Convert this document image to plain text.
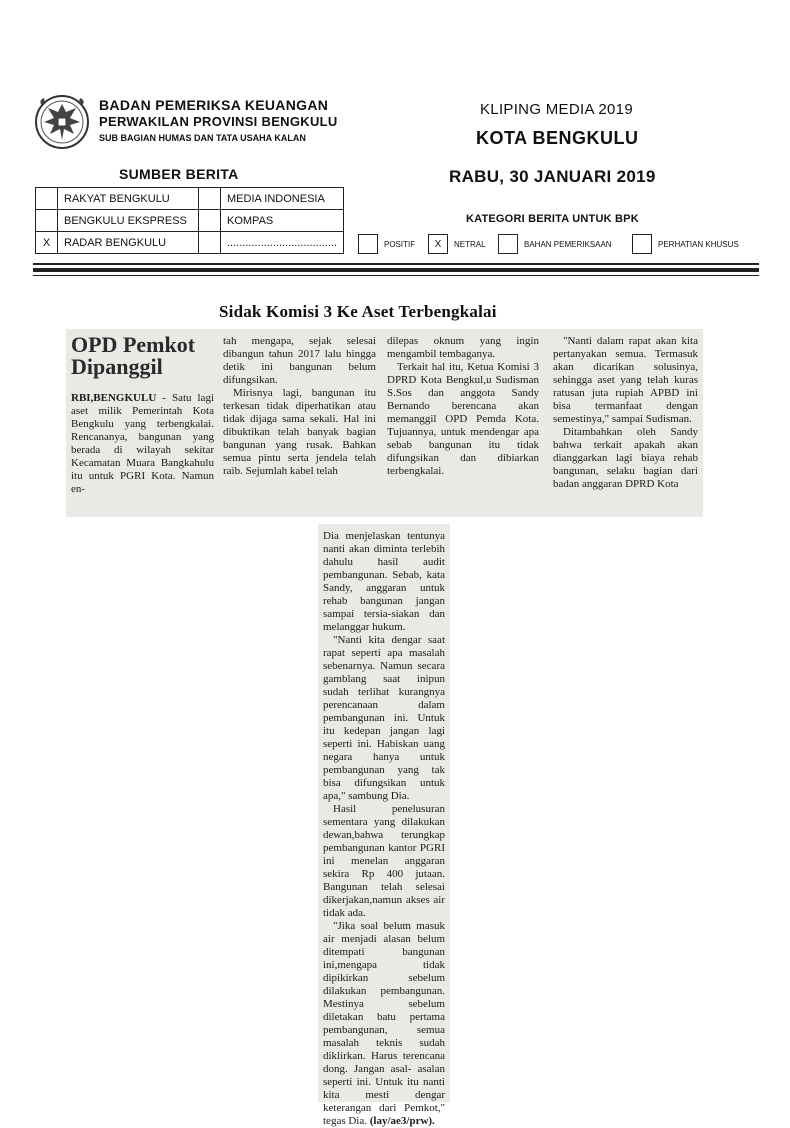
BADAN PEMERIKSA KEUANGAN
PERWAKILAN PROVINSI BENGKULU
SUB BAGIAN HUMAS DAN TATA USAHA KALAN
KLIPING MEDIA 2019
KOTA BENGKULU
SUMBER BERITA	RABU, 30 JANUARI 2019
	RAKYAT BENGKULU		MEDIA INDONESIA
	BENGKULU EKSPRESS		KOMPAS
X	RADAR BENGKULU		....................................
KATEGORI BERITA UNTUK BPK
POSITIF	X	NETRAL	BAHAN PEMERIKSAAN	PERHATIAN KHUSUS
Sidak Komisi 3 Ke Aset Terbengkalai
OPD Pemkot
Dipanggil

RBI,BENGKULU - Satu lagi aset milik Pemerintah Kota Bengkulu yang terbengkalai. Rencananya, bangunan yang berada di wilayah sekitar Kecamatan Muara Bangkahulu itu untuk PGRI Kota. Namun en-

tah mengapa, sejak selesai dibangun tahun 2017 lalu hingga detik ini bangunan belum difungsikan.

Mirisnya lagi, bangunan itu terkesan tidak diperhatikan atau tidak dijaga sama sekali. Hal ini dibuktikan telah banyak bagian bangunan yang rusak. Bahkan semua pintu serta jendela telah raib. Sejumlah kabel telah

dilepas oknum yang ingin mengambil tembaganya.

Terkait hal itu, Ketua Komisi 3 DPRD Kota Bengkul,u Sudisman S.Sos dan anggota Sandy Bernando berencana akan memanggil OPD Pemda Kota. Tujuannya, untuk mendengar apa sebab bangunan itu tidak difungsikan dan dibiarkan terbengkalai.

"Nanti dalam rapat akan kita pertanyakan semua. Termasuk akan dicarikan solusinya, sehingga aset yang telah kuras ratusan juta rupiah APBD ini bisa termanfaat dengan semestinya," sampai Sudisman.

Ditambahkan oleh Sandy bahwa terkait apakah akan dianggarkan lagi biaya rehab bangunan, selaku bagian dari badan anggaran DPRD Kota

Dia menjelaskan tentunya nanti akan diminta terlebih dahulu hasil audit pembangunan. Sebab, kata Sandy, anggaran untuk rehab bangunan jangan sampai tersia-siakan dan melanggar hukum.

"Nanti kita dengar saat rapat seperti apa masalah sebenarnya. Namun secara gamblang saat inipun sudah terlihat kurangnya perencanaan dalam pembangunan ini. Untuk itu kedepan jangan lagi seperti ini. Habiskan uang negara hanya untuk pembangunan yang tak bisa difungsikan untuk apa," sambung Dia.

Hasil penelusuran sementara yang dilakukan dewan,bahwa terungkap pembangunan kantor PGRI ini menelan anggaran sekira Rp 400 jutaan. Bangunan telah selesai dikerjakan,namun akses air tidak ada.

"Jika soal belum masuk air menjadi alasan belum ditempati bangunan ini,mengapa tidak dipikirkan sebelum dilakukan pembangunan. Mestinya sebelum diletakan batu pertama pembangunan, semua masalah teknis sudah diklirkan. Harus terencana dong. Jangan asal- asalan seperti ini. Untuk itu nanti kita mesti dengar keterangan dari Pemkot," tegas Dia. (lay/ae3/prw).
